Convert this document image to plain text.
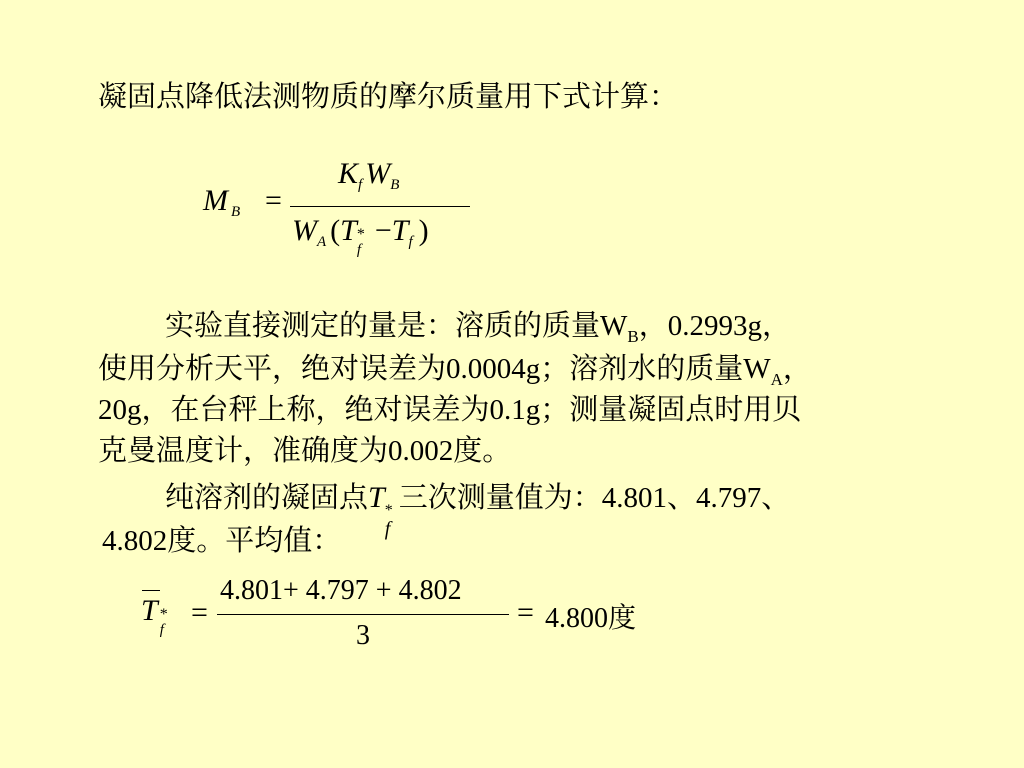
凝固点降低法测物质的摩尔质量用下式计算：
M $_B$ =
$K_f$ $W_B$
$W_A$ (T *
f
$-T_f$ )
实验直接测定的量是：溶质的质量$W_B$，0.2993g，
使用分析天平，绝对误差为0.0004g；溶剂水的质量$W_A$，
20g，在台秤上称，绝对误差为0.1g；测量凝固点时用贝
克曼温度计，准确度为0.002度。
纯溶剂的凝固点T *
f
三次测量值为：4.801、4.797、
4.802度。平均值：
T *
f
=
4.801+ 4.797 + 4.802
3
= 4.800度
